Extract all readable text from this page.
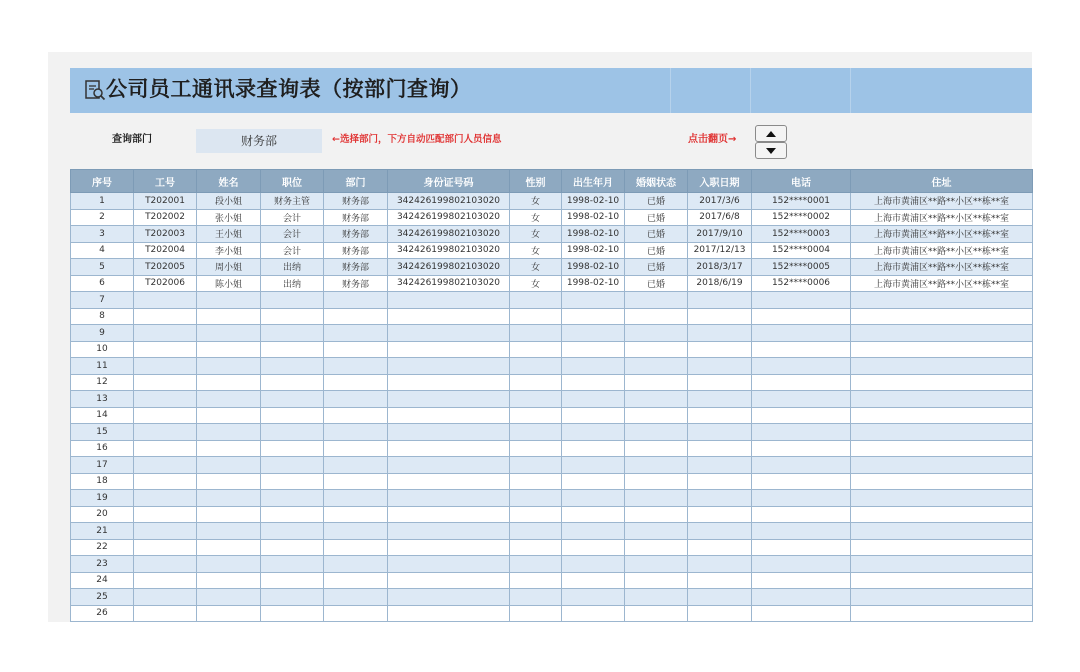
公司员工通讯录查询表（按部门查询）
查询部门	财务部	←选择部门，下方自动匹配部门人员信息	点击翻页→
序号	工号	姓名	职位	部门	身份证号码	性别	出生年月	婚姻状态	入职日期	电话	住址
1	T202001	段小姐	财务主管	财务部	342426199802103020	女	1998-02-10	已婚	2017/3/6	152****0001	上海市黄浦区**路**小区**栋**室
2	T202002	张小姐	会计	财务部	342426199802103020	女	1998-02-10	已婚	2017/6/8	152****0002	上海市黄浦区**路**小区**栋**室
3	T202003	王小姐	会计	财务部	342426199802103020	女	1998-02-10	已婚	2017/9/10	152****0003	上海市黄浦区**路**小区**栋**室
4	T202004	李小姐	会计	财务部	342426199802103020	女	1998-02-10	已婚	2017/12/13	152****0004	上海市黄浦区**路**小区**栋**室
5	T202005	周小姐	出纳	财务部	342426199802103020	女	1998-02-10	已婚	2018/3/17	152****0005	上海市黄浦区**路**小区**栋**室
6	T202006	陈小姐	出纳	财务部	342426199802103020	女	1998-02-10	已婚	2018/6/19	152****0006	上海市黄浦区**路**小区**栋**室
7											
8											
9											
10											
11											
12											
13											
14											
15											
16											
17											
18											
19											
20											
21											
22											
23											
24											
25											
26											
